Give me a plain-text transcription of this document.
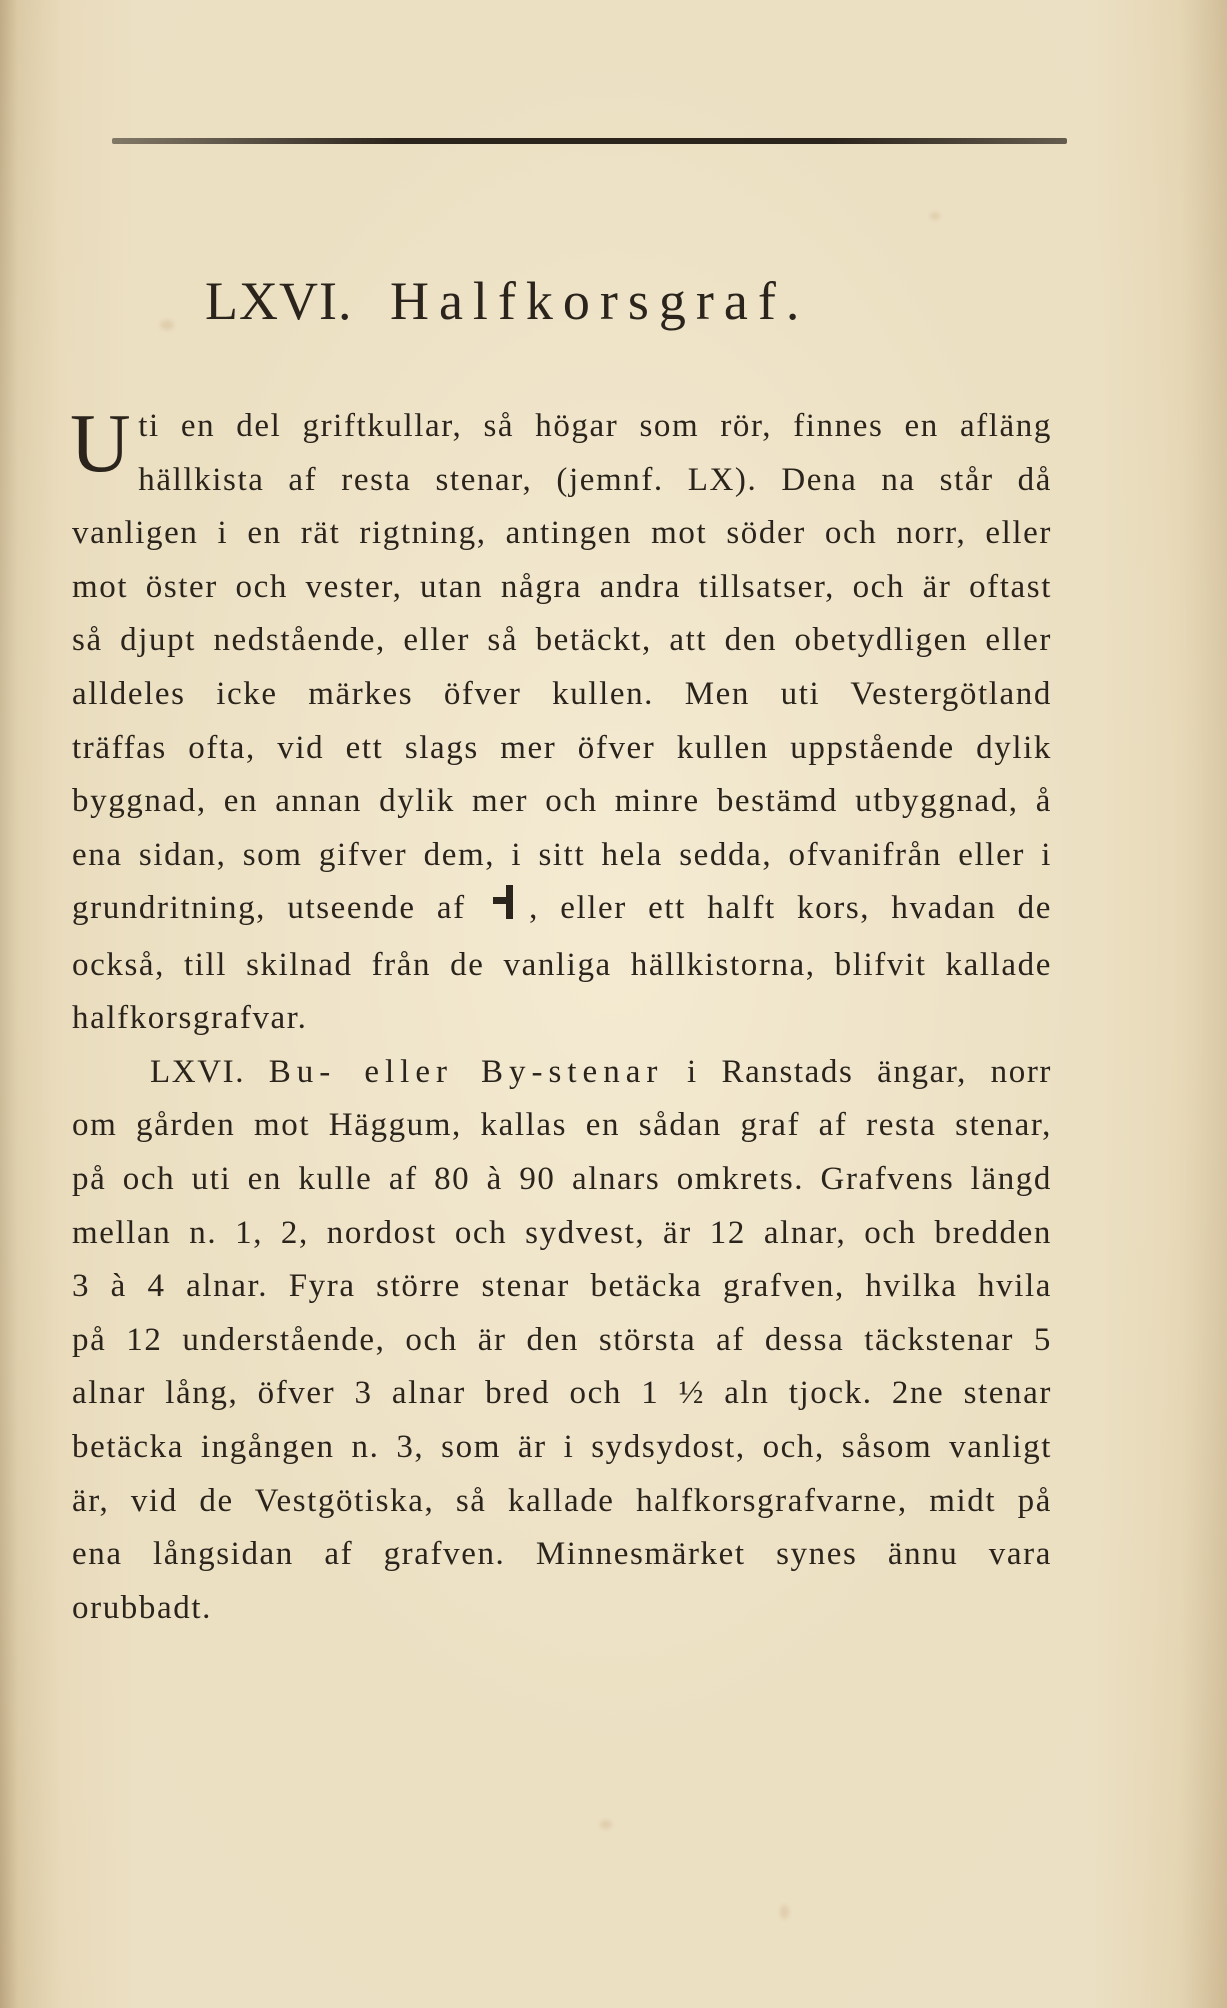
LXVI. Halfkorsgraf.

U ti en del griftkullar, så högar som rör, finnes en afläng hällkista af resta stenar, (jemnf. LX). Dena na står då vanligen i en rät rigtning, antingen mot söder och norr, eller mot öster och vester, utan några andra tillsatser, och är oftast så djupt nedstående, eller så betäckt, att den obetydligen eller alldeles icke märkes öfver kullen. Men uti Vestergötland träffas ofta, vid ett slags mer öfver kullen uppstående dylik byggnad, en annan dylik mer och minre bestämd utbyggnad, å ena sidan, som gifver dem, i sitt hela sedda, ofvanifrån eller i grundritning, utseende af , eller ett halft kors, hvadan de också, till skilnad från de vanliga hällkistorna, blifvit kallade halfkorsgrafvar.

LXVI. Bu- eller By-stenar i Ranstads ängar, norr om gården mot Häggum, kallas en sådan graf af resta stenar, på och uti en kulle af 80 à 90 alnars omkrets. Grafvens längd mellan n. 1, 2, nordost och sydvest, är 12 alnar, och bredden 3 à 4 alnar. Fyra större stenar betäcka grafven, hvilka hvila på 12 understående, och är den största af dessa täckstenar 5 alnar lång, öfver 3 alnar bred och 1 ½ aln tjock. 2ne stenar betäcka ingången n. 3, som är i sydsydost, och, såsom vanligt är, vid de Vestgötiska, så kallade halfkorsgrafvarne, midt på ena långsidan af grafven. Minnesmärket synes ännu vara orubbadt.
